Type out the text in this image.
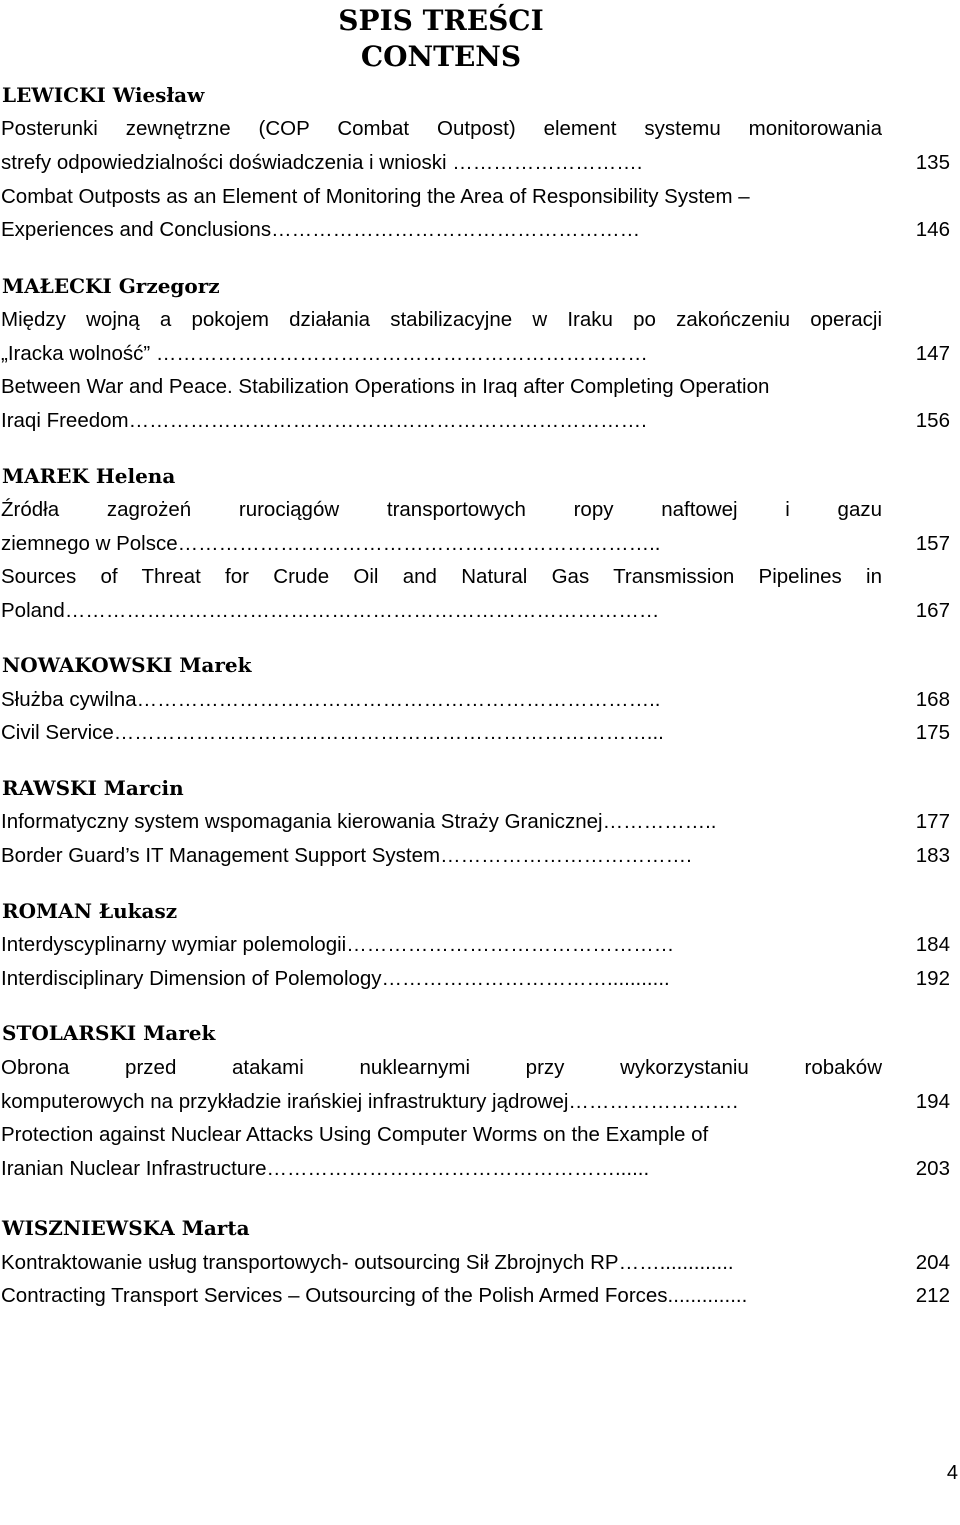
SPIS TREŚCI
CONTENS
LEWICKI Wiesław
Posterunki zewnętrzne (COP Combat Outpost) element systemu monitorowania
strefy odpowiedzialności doświadczenia i wnioski ……………………….	135
Combat Outposts as an Element of Monitoring the Area of Responsibility System –
Experiences and Conclusions………………………………………………	146
MAŁECKI Grzegorz
Między wojną a pokojem działania stabilizacyjne w Iraku po zakończeniu operacji
„Iracka wolność” ………………………………………………………………	147
Between War and Peace. Stabilization Operations in Iraq after Completing Operation
Iraqi Freedom………………………………………………………………….	156
MAREK Helena
Źródła zagrożeń rurociągów transportowych ropy naftowej i gazu
ziemnego w Polsce……………………………………………………………..	157
Sources of Threat for Crude Oil and Natural Gas Transmission Pipelines in
Poland……………………………………………………………………………	167
NOWAKOWSKI Marek
Służba cywilna…………………………………………………………………..	168
Civil Service……………………………………………………………………...	175
RAWSKI Marcin
Informatyczny system wspomagania kierowania Straży Granicznej……………..	177
Border Guard’s IT Management Support System……………………………….	183
ROMAN Łukasz
Interdyscyplinarny wymiar polemologii…………………………………………	184
Interdisciplinary Dimension of Polemology……………………………...........	192
STOLARSKI Marek
Obrona przed atakami nuklearnymi przy wykorzystaniu robaków
komputerowych na przykładzie irańskiej infrastruktury jądrowej…………………….	194
Protection against Nuclear Attacks Using Computer Worms on the Example of
Iranian Nuclear Infrastructure……………………………………………......	203
WISZNIEWSKA Marta
Kontraktowanie usług transportowych- outsourcing Sił Zbrojnych RP…….............	204
Contracting Transport Services – Outsourcing of the Polish Armed Forces..............	212
4
